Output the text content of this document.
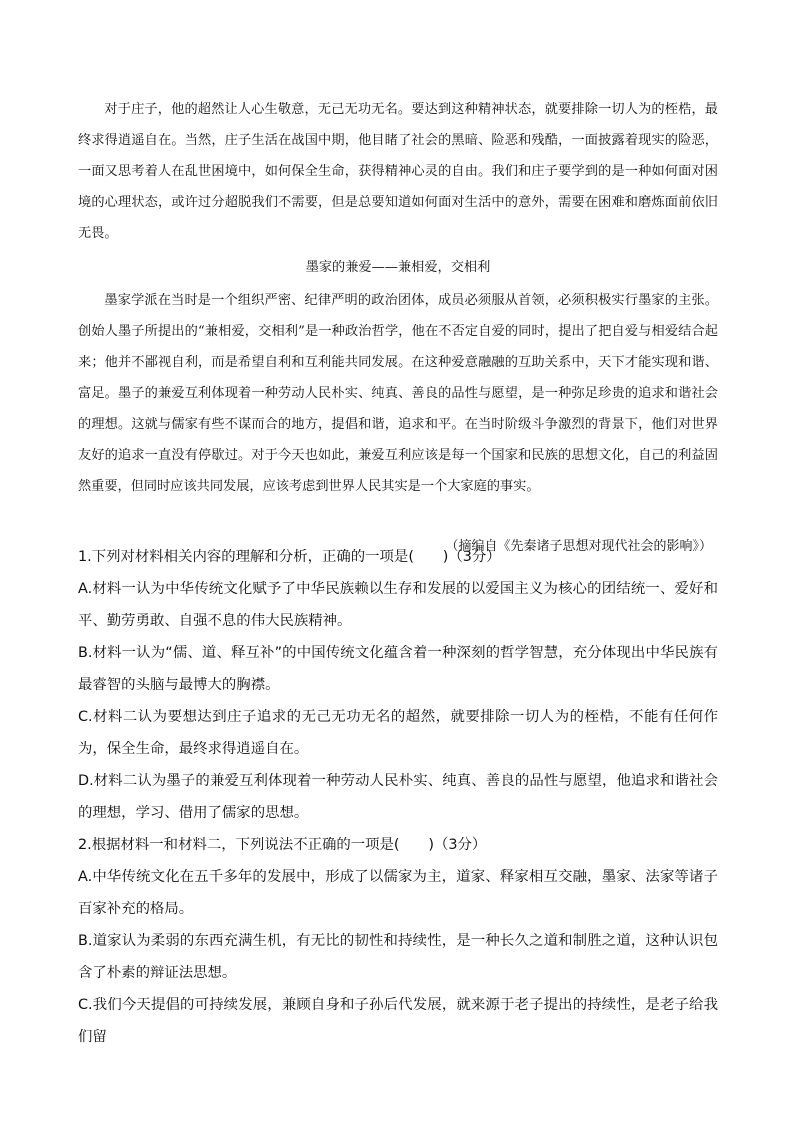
对于庄子，他的超然让人心生敬意，无己无功无名。要达到这种精神状态，就要排除一切人为的桎梏，最终求得逍遥自在。当然，庄子生活在战国中期，他目睹了社会的黑暗、险恶和残酷，一面披露着现实的险恶，一面又思考着人在乱世困境中，如何保全生命，获得精神心灵的自由。我们和庄子要学到的是一种如何面对困境的心理状态，或许过分超脱我们不需要，但是总要知道如何面对生活中的意外，需要在困难和磨炼面前依旧无畏。

墨家的兼爱——兼相爱，交相利

墨家学派在当时是一个组织严密、纪律严明的政治团体，成员必须服从首领，必须积极实行墨家的主张。创始人墨子所提出的“兼相爱，交相利”是一种政治哲学，他在不否定自爱的同时，提出了把自爱与相爱结合起来；他并不鄙视自利，而是希望自利和互利能共同发展。在这种爱意融融的互助关系中，天下才能实现和谐、富足。墨子的兼爱互利体现着一种劳动人民朴实、纯真、善良的品性与愿望，是一种弥足珍贵的追求和谐社会的理想。这就与儒家有些不谋而合的地方，提倡和谐，追求和平。在当时阶级斗争激烈的背景下，他们对世界友好的追求一直没有停歇过。对于今天也如此，兼爱互利应该是每一个国家和民族的思想文化，自己的利益固然重要，但同时应该共同发展，应该考虑到世界人民其实是一个大家庭的事实。

（摘编自《先秦诸子思想对现代社会的影响》）

1.下列对材料相关内容的理解和分析，正确的一项是(　　)（3分）

A.材料一认为中华传统文化赋予了中华民族赖以生存和发展的以爱国主义为核心的团结统一、爱好和平、勤劳勇敢、自强不息的伟大民族精神。

B.材料一认为“儒、道、释互补”的中国传统文化蕴含着一种深刻的哲学智慧，充分体现出中华民族有最睿智的头脑与最博大的胸襟。

C.材料二认为要想达到庄子追求的无己无功无名的超然，就要排除一切人为的桎梏，不能有任何作为，保全生命，最终求得逍遥自在。

D.材料二认为墨子的兼爱互利体现着一种劳动人民朴实、纯真、善良的品性与愿望，他追求和谐社会的理想，学习、借用了儒家的思想。

2.根据材料一和材料二，下列说法不正确的一项是(　　)（3分）

A.中华传统文化在五千多年的发展中，形成了以儒家为主，道家、释家相互交融，墨家、法家等诸子百家补充的格局。

B.道家认为柔弱的东西充满生机，有无比的韧性和持续性，是一种长久之道和制胜之道，这种认识包含了朴素的辩证法思想。

C.我们今天提倡的可持续发展，兼顾自身和子孙后代发展，就来源于老子提出的持续性，是老子给我们留
